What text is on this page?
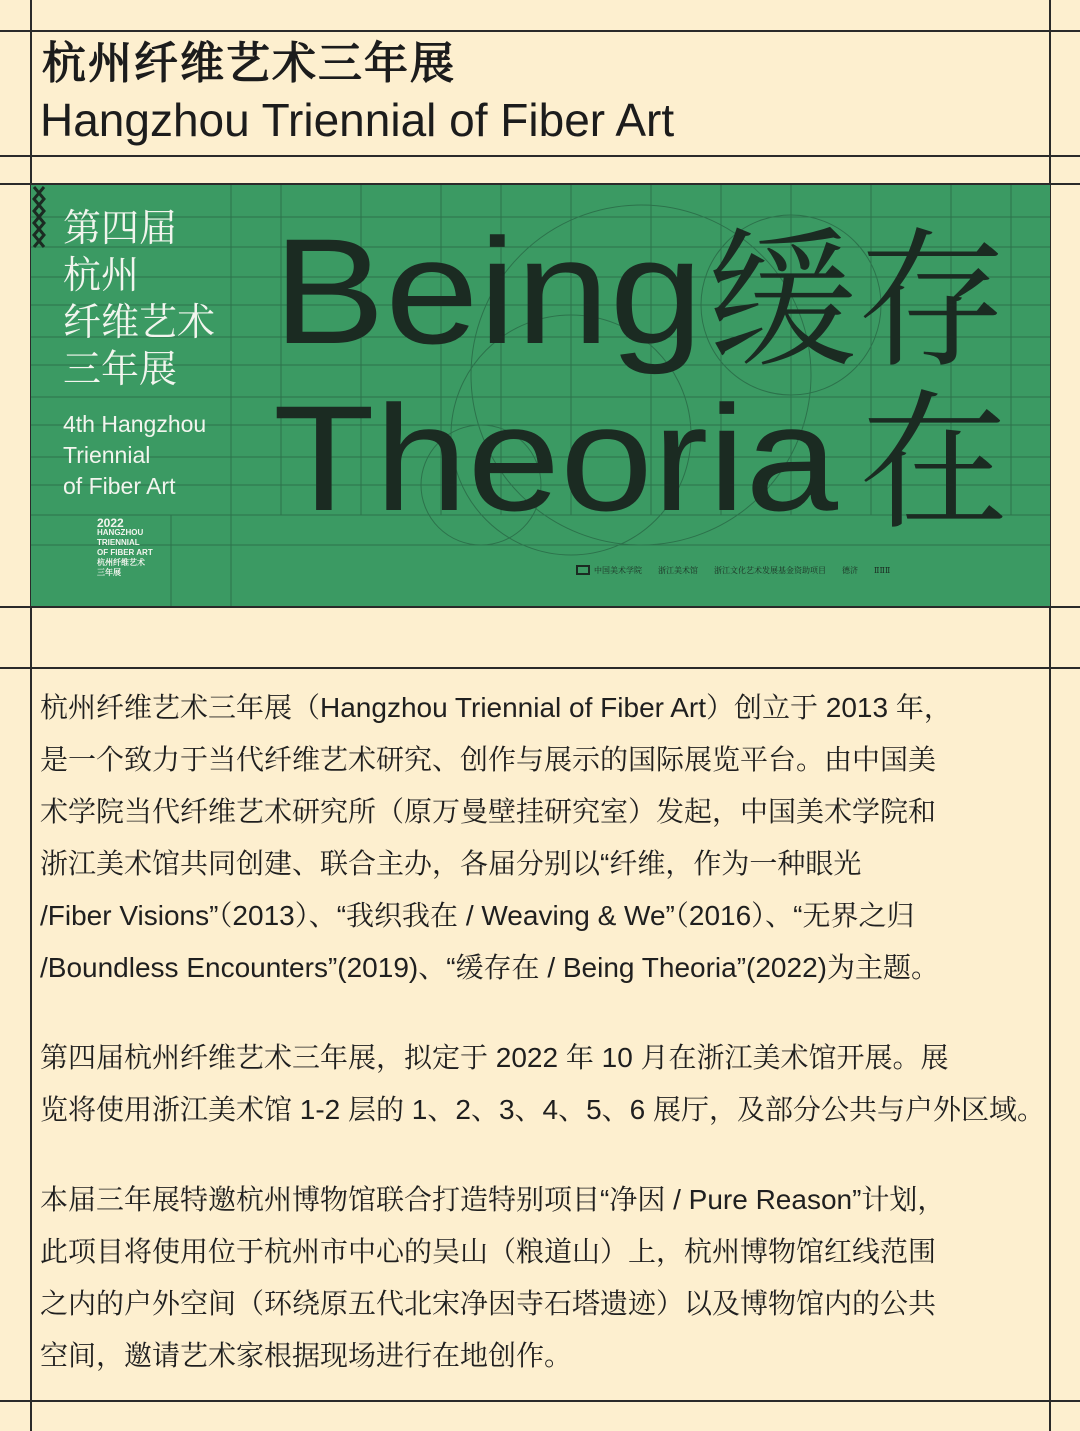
杭州纤维艺术三年展
Hangzhou Triennial of Fiber Art
Being
Theoria
缓存
在
第四届
杭州
纤维艺术
三年展
4th Hangzhou
Triennial
of Fiber Art
2022
HANGZHOU
TRIENNIAL
OF FIBER ART
杭州纤维艺术
三年展	中国美术学院 浙江美术馆 浙江文化艺术发展基金资助项目 德济 ⅡⅡⅡ
杭州纤维艺术三年展（Hangzhou Triennial of Fiber Art）创立于 2013 年，
是一个致力于当代纤维艺术研究、创作与展示的国际展览平台。由中国美
术学院当代纤维艺术研究所（原万曼壁挂研究室）发起，中国美术学院和
浙江美术馆共同创建、联合主办，各届分别以“纤维，作为一种眼光
/Fiber Visions”（2013）、“我织我在 / Weaving & We”（2016）、“无界之归
/Boundless Encounters”(2019)、“缓存在 / Being Theoria”(2022)为主题。
第四届杭州纤维艺术三年展，拟定于 2022 年 10 月在浙江美术馆开展。展
览将使用浙江美术馆 1-2 层的 1、2、3、4、5、6 展厅，及部分公共与户外区域。
本届三年展特邀杭州博物馆联合打造特别项目“净因 / Pure Reason”计划，
此项目将使用位于杭州市中心的吴山（粮道山）上，杭州博物馆红线范围
之内的户外空间（环绕原五代北宋净因寺石塔遗迹）以及博物馆内的公共
空间，邀请艺术家根据现场进行在地创作。
